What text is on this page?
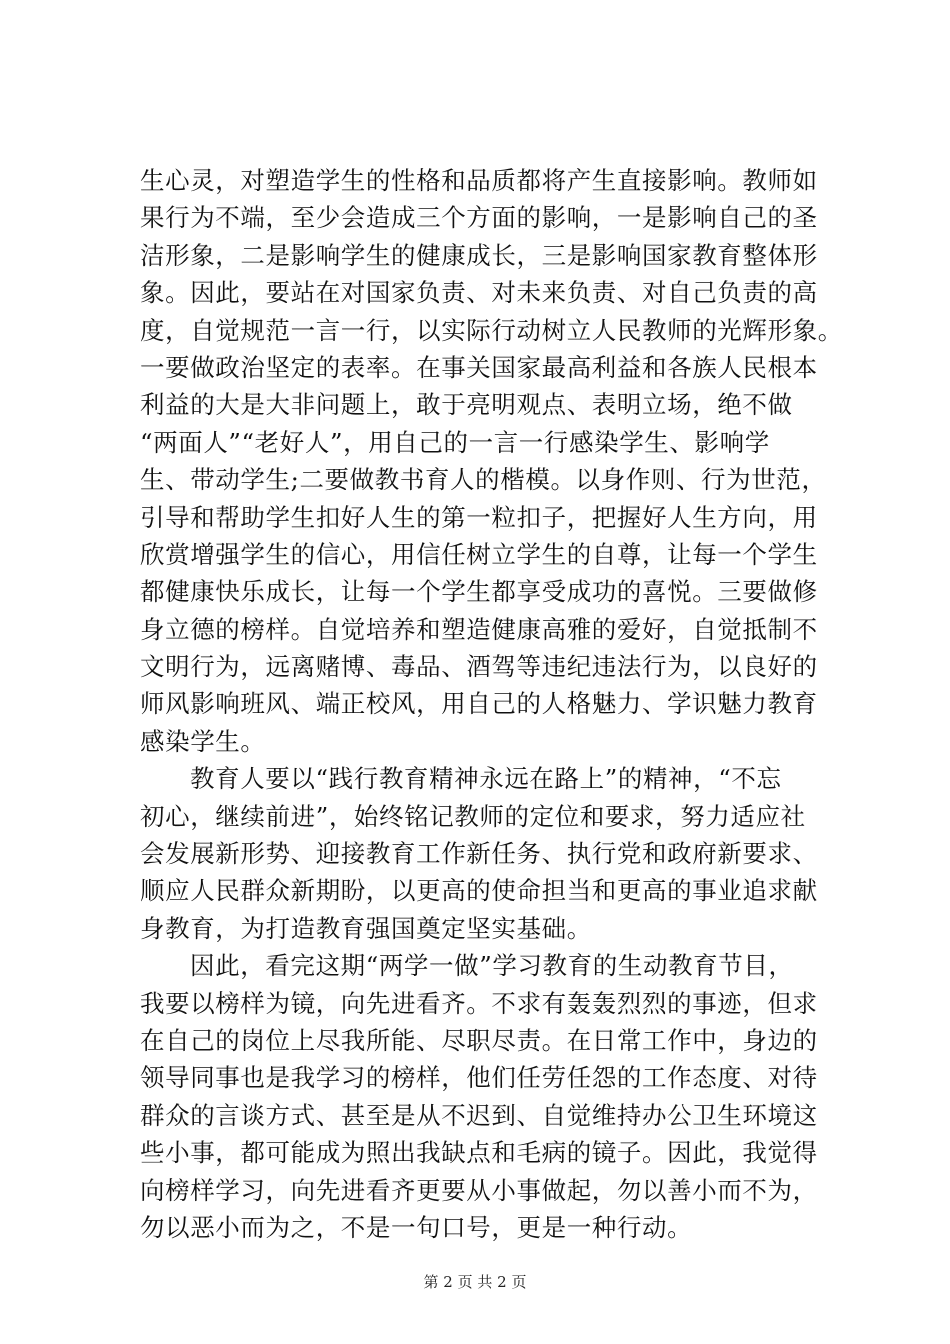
生心灵，对塑造学生的性格和品质都将产生直接影响。教师如
果行为不端，至少会造成三个方面的影响，一是影响自己的圣
洁形象，二是影响学生的健康成长，三是影响国家教育整体形
象。因此，要站在对国家负责、对未来负责、对自己负责的高
度，自觉规范一言一行，以实际行动树立人民教师的光辉形象。
一要做政治坚定的表率。在事关国家最高利益和各族人民根本
利益的大是大非问题上，敢于亮明观点、表明立场，绝不做
“两面人”“老好人”，用自己的一言一行感染学生、影响学
生、带动学生;二要做教书育人的楷模。以身作则、行为世范，
引导和帮助学生扣好人生的第一粒扣子，把握好人生方向，用
欣赏增强学生的信心，用信任树立学生的自尊，让每一个学生
都健康快乐成长，让每一个学生都享受成功的喜悦。三要做修
身立德的榜样。自觉培养和塑造健康高雅的爱好，自觉抵制不
文明行为，远离赌博、毒品、酒驾等违纪违法行为，以良好的
师风影响班风、端正校风，用自己的人格魅力、学识魅力教育
感染学生。
教育人要以“践行教育精神永远在路上”的精神，“不忘
初心，继续前进”，始终铭记教师的定位和要求，努力适应社
会发展新形势、迎接教育工作新任务、执行党和政府新要求、
顺应人民群众新期盼，以更高的使命担当和更高的事业追求献
身教育，为打造教育强国奠定坚实基础。
因此，看完这期“两学一做”学习教育的生动教育节目，
我要以榜样为镜，向先进看齐。不求有轰轰烈烈的事迹，但求
在自己的岗位上尽我所能、尽职尽责。在日常工作中，身边的
领导同事也是我学习的榜样，他们任劳任怨的工作态度、对待
群众的言谈方式、甚至是从不迟到、自觉维持办公卫生环境这
些小事，都可能成为照出我缺点和毛病的镜子。因此，我觉得
向榜样学习，向先进看齐更要从小事做起，勿以善小而不为，
勿以恶小而为之，不是一句口号，更是一种行动。
第 2 页 共 2 页
